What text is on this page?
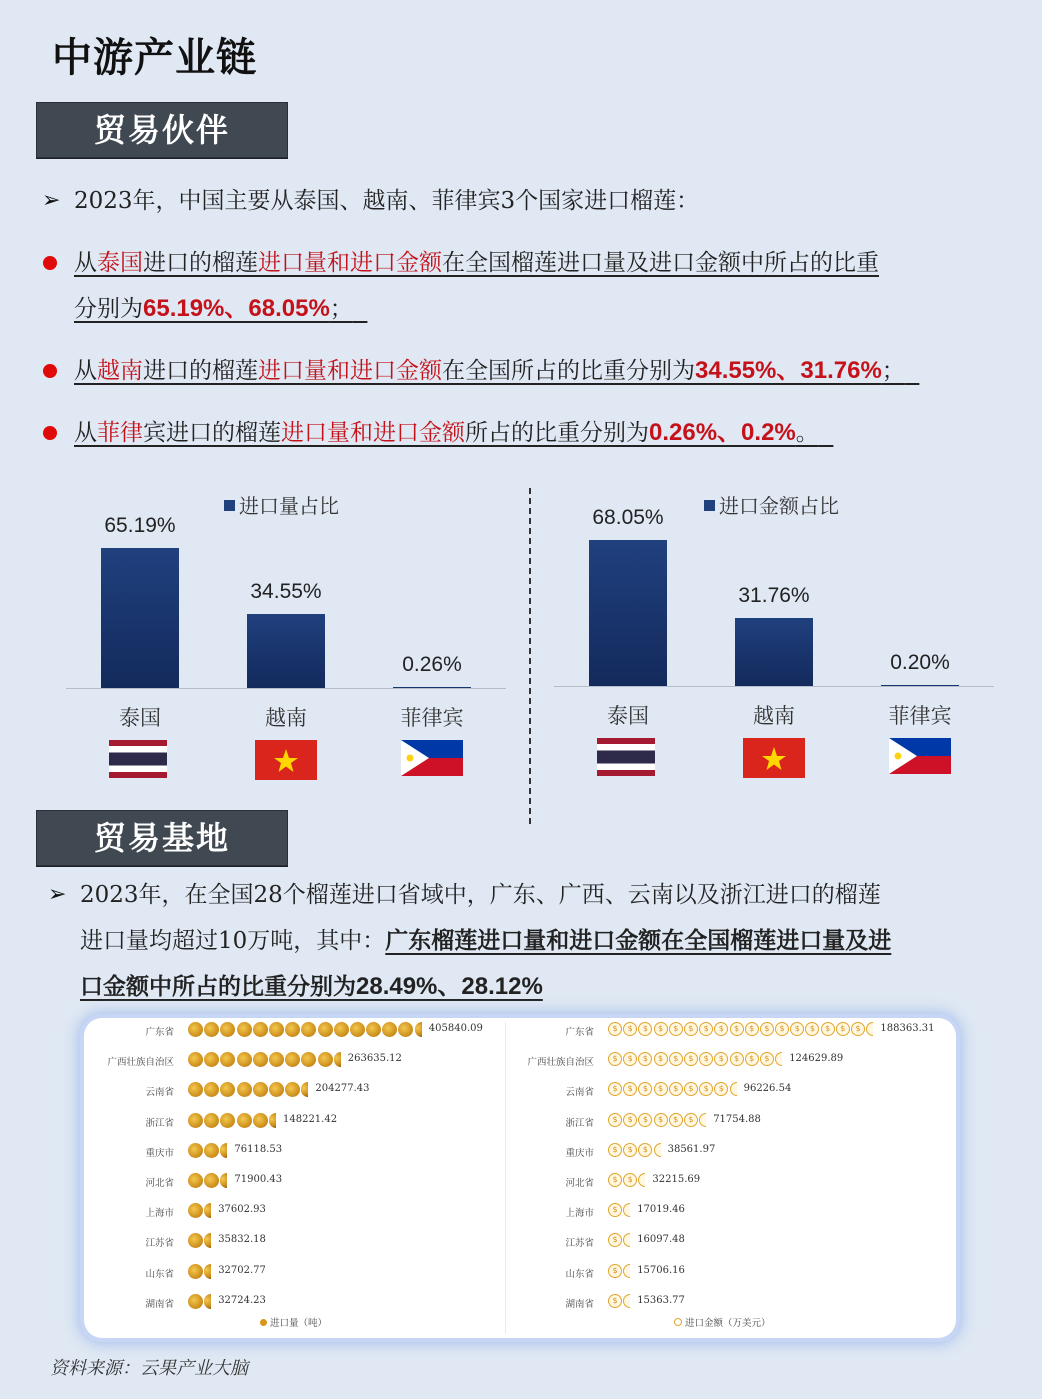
中游产业链
贸易伙伴
➢ 2023年，中国主要从泰国、越南、菲律宾3个国家进口榴莲：
从泰国进口的榴莲进口量和进口金额在全国榴莲进口量及进口金额中所占的比重
分别为65.19%、68.05%；
从越南进口的榴莲进口量和进口金额在全国所占的比重分别为34.55%、31.76%；
从菲律宾进口的榴莲进口量和进口金额所占的比重分别为0.26%、0.2%。
进口量占比
65.19%
泰国
34.55%
越南
0.26%
菲律宾
进口金额占比
68.05%
泰国
31.76%
越南
0.20%
菲律宾
贸易基地
➢ 2023年，在全国28个榴莲进口省域中，广东、广西、云南以及浙江进口的榴莲
进口量均超过10万吨，其中：广东榴莲进口量和进口金额在全国榴莲进口量及进
口金额中所占的比重分别为28.49%、28.12%
广东省	405840.09
广西壮族自治区	263635.12
云南省	204277.43
浙江省	148221.42
重庆市	76118.53
河北省	71900.43
上海市	37602.93
江苏省	35832.18
山东省	32702.77
湖南省	32724.23
广东省	$ $ $ $ $ $ $ $ $ $ $ $ $ $ $ $ $	188363.31
广西壮族自治区	$ $ $ $ $ $ $ $ $ $ $	124629.89
云南省	$ $ $ $ $ $ $ $	96226.54
浙江省	$ $ $ $ $ $	71754.88
重庆市	$ $ $	38561.97
河北省	$ $	32215.69
上海市	$	17019.46
江苏省	$	16097.48
山东省	$	15706.16
湖南省	$	15363.77
进口量（吨）	进口金额（万美元）
资料来源：云果产业大脑
